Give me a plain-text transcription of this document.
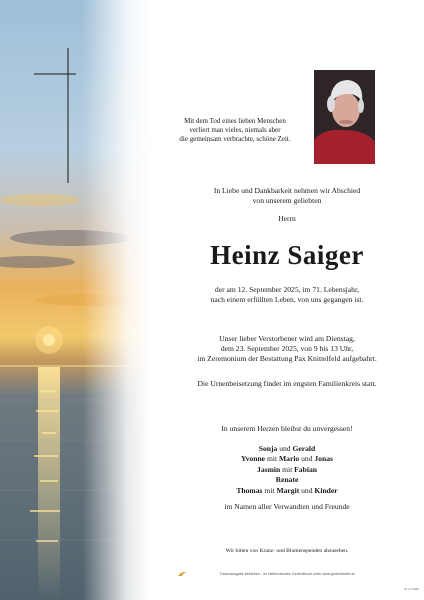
Mit dem Tod eines lieben Menschen
verliert man vieles, niemals aber
die gemeinsam verbrachte, schöne Zeit.
In Liebe und Dankbarkeit nehmen wir Abschied
von unserem geliebten
Herrn
Heinz Saiger
der am 12. September 2025, im 71. Lebensjahr,
nach einem erfüllten Leben, von uns gegangen ist.
Unser lieber Verstorbener wird am Dienstag,
dem 23. September 2025, von 9 bis 13 Uhr,
im Zeremonium der Bestattung Pax Knittelfeld aufgebahrt.
Die Urnenbeisetzung findet im engsten Familienkreis statt.
In unserem Herzen bleibst du unvergessen!
Sonja und Gerald
Yvonne mit Mario und Jonas
Jasmin mit Fabian
Renate
Thomas mit Margit und Kinder
im Namen aller Verwandten und Freunde
Wir bitten von Kranz- und Blumenspenden abzusehen.
Trauerausgabe betrieben - im elektronischen Gedenkbuch unter www.gedenkseite.at
ID 27 9082
